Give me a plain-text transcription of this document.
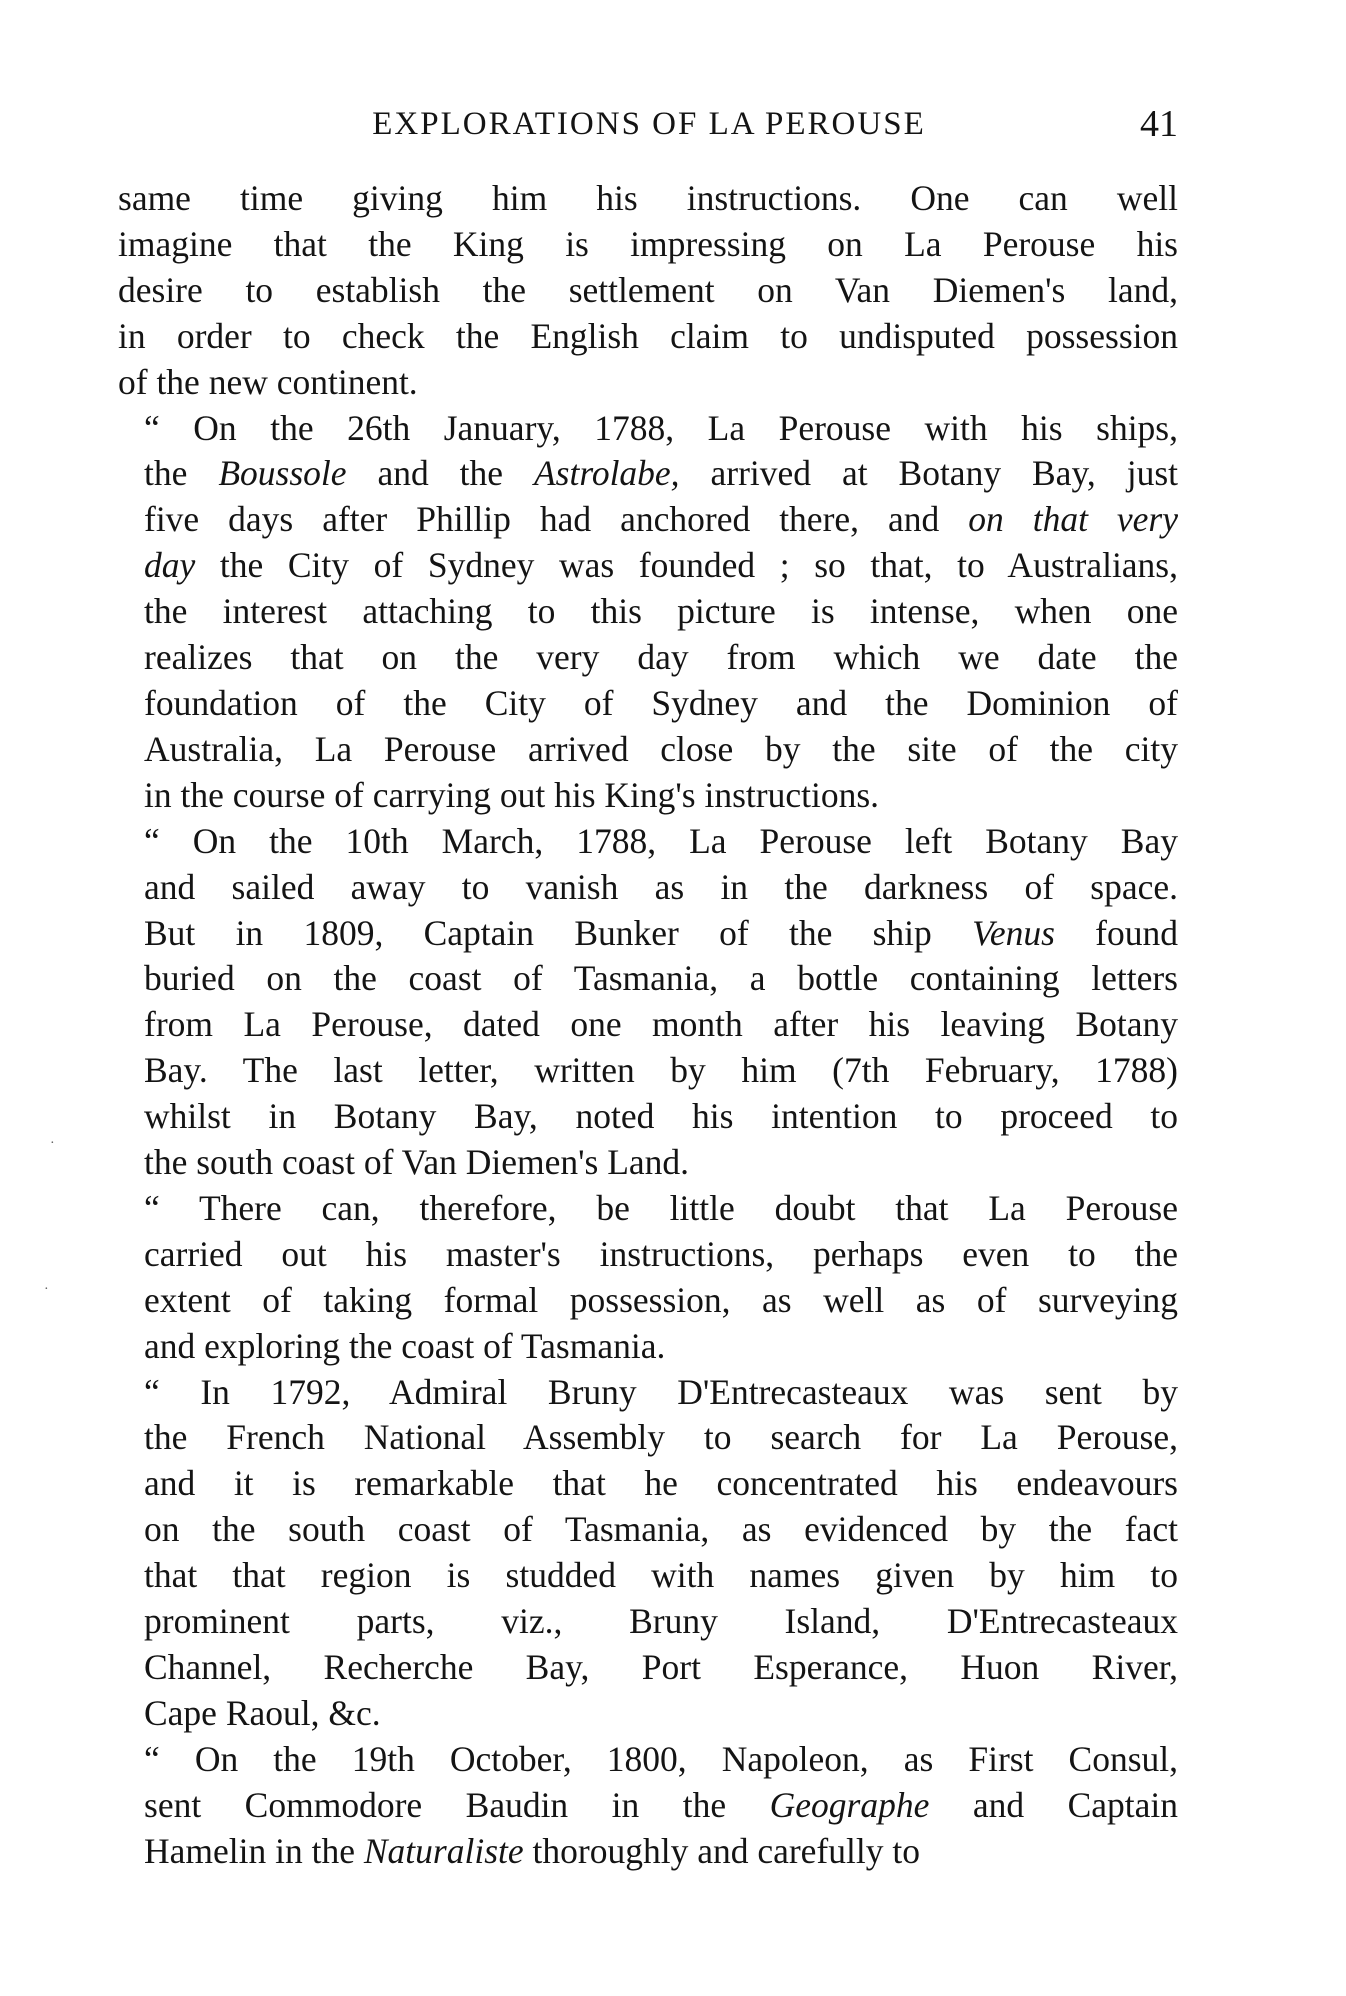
EXPLORATIONS OF LA PEROUSE	41
same time giving him his instructions. One can well
imagine that the King is impressing on La Perouse his
desire to establish the settlement on Van Diemen's land,
in order to check the English claim to undisputed possession
of the new continent.
“ On the 26th January, 1788, La Perouse with his ships,
the Boussole and the Astrolabe, arrived at Botany Bay, just
five days after Phillip had anchored there, and on that very
day the City of Sydney was founded ; so that, to Australians,
the interest attaching to this picture is intense, when one
realizes that on the very day from which we date the
foundation of the City of Sydney and the Dominion of
Australia, La Perouse arrived close by the site of the city
in the course of carrying out his King's instructions.
“ On the 10th March, 1788, La Perouse left Botany Bay
and sailed away to vanish as in the darkness of space.
But in 1809, Captain Bunker of the ship Venus found
buried on the coast of Tasmania, a bottle containing letters
from La Perouse, dated one month after his leaving Botany
Bay. The last letter, written by him (7th February, 1788)
whilst in Botany Bay, noted his intention to proceed to
the south coast of Van Diemen's Land.
“ There can, therefore, be little doubt that La Perouse
carried out his master's instructions, perhaps even to the
extent of taking formal possession, as well as of surveying
and exploring the coast of Tasmania.
“ In 1792, Admiral Bruny D'Entrecasteaux was sent by
the French National Assembly to search for La Perouse,
and it is remarkable that he concentrated his endeavours
on the south coast of Tasmania, as evidenced by the fact
that that region is studded with names given by him to
prominent parts, viz., Bruny Island, D'Entrecasteaux
Channel, Recherche Bay, Port Esperance, Huon River,
Cape Raoul, &c.
“ On the 19th October, 1800, Napoleon, as First Consul,
sent Commodore Baudin in the Geographe and Captain
Hamelin in the Naturaliste thoroughly and carefully to
·
·
